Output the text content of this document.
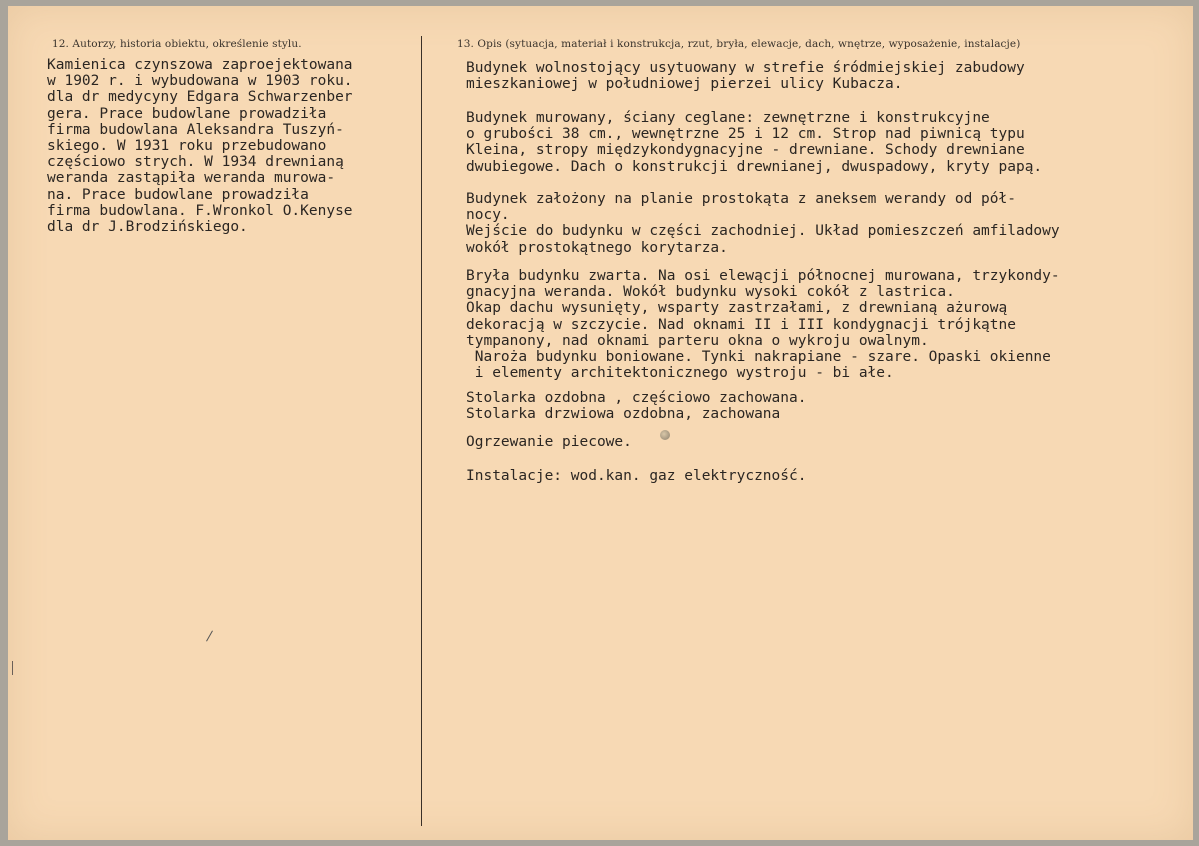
12. Autorzy, historia obiektu, określenie stylu.	13. Opis (sytuacja, materiał i konstrukcja, rzut, bryła, elewacje, dach, wnętrze, wyposażenie, instalacje)
Kamienica czynszowa zaproejektowana
w 1902 r. i wybudowana w 1903 roku.
dla dr medycyny Edgara Schwarzenber
gera. Prace budowlane prowadziła
firma budowlana Aleksandra Tuszyń-
skiego. W 1931 roku przebudowano
częściowo strych. W 1934 drewnianą
weranda zastąpiła weranda murowa-
na. Prace budowlane prowadziła
firma budowlana. F.Wronkol O.Kenyse
dla dr J.Brodzińskiego.
Budynek wolnostojący usytuowany w strefie śródmiejskiej zabudowy
mieszkaniowej w południowej pierzei ulicy Kubacza.
Budynek murowany, ściany ceglane: zewnętrzne i konstrukcyjne
o grubości 38 cm., wewnętrzne 25 i 12 cm. Strop nad piwnicą typu
Kleina, stropy międzykondygnacyjne - drewniane. Schody drewniane
dwubiegowe. Dach o konstrukcji drewnianej, dwuspadowy, kryty papą.
Budynek założony na planie prostokąta z aneksem werandy od pół-
nocy.
Wejście do budynku w części zachodniej. Układ pomieszczeń amfiladowy
wokół prostokątnego korytarza.
Bryła budynku zwarta. Na osi elewącji północnej murowana, trzykondy-
gnacyjna weranda. Wokół budynku wysoki cokół z lastrica.
Okap dachu wysunięty, wsparty zastrzałami, z drewnianą ażurową
dekoracją w szczycie. Nad oknami II i III kondygnacji trójkątne
tympanony, nad oknami parteru okna o wykroju owalnym.
Naroża budynku boniowane. Tynki nakrapiane - szare. Opaski okienne
i elementy architektonicznego wystroju - bi ałe.
Stolarka ozdobna , częściowo zachowana.
Stolarka drzwiowa ozdobna, zachowana
Ogrzewanie piecowe.
Instalacje: wod.kan. gaz elektryczność.
